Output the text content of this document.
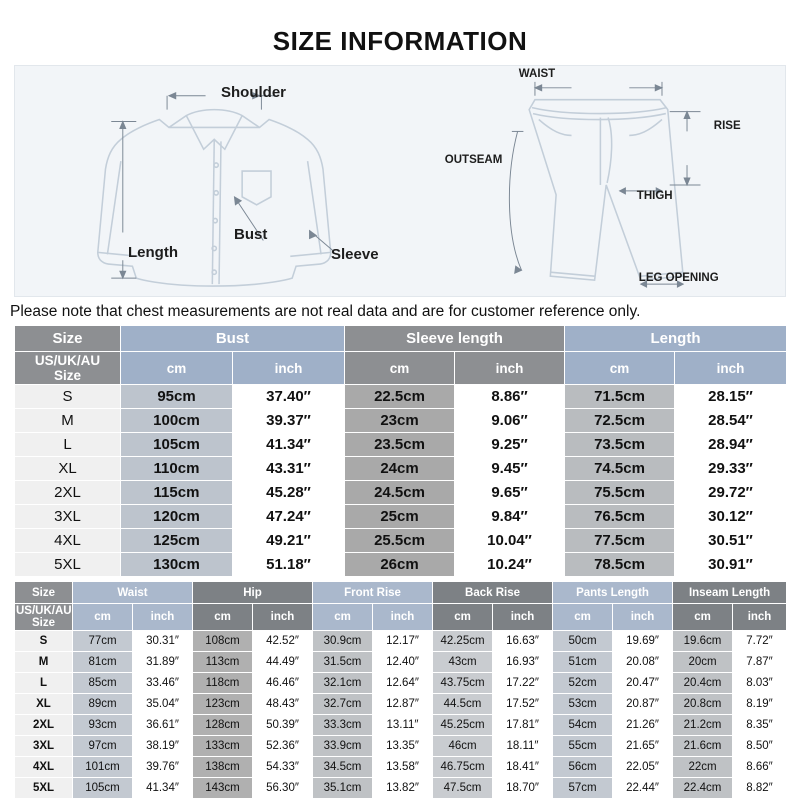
SIZE INFORMATION
Shoulder
Bust
Length	Sleeve
WAIST
RISE
OUTSEAM
THIGH
LEG OPENING
Please note that chest measurements are not real data and are for customer reference only.
Size	Bust		Sleeve length		Length	

US/UK/AU
Size	cm	inch	cm	inch	cm	inch
S	95cm	37.40″	22.5cm	8.86″	71.5cm	28.15″
M	100cm	39.37″	23cm	9.06″	72.5cm	28.54″
L	105cm	41.34″	23.5cm	9.25″	73.5cm	28.94″
XL	110cm	43.31″	24cm	9.45″	74.5cm	29.33″
2XL	115cm	45.28″	24.5cm	9.65″	75.5cm	29.72″
3XL	120cm	47.24″	25cm	9.84″	76.5cm	30.12″
4XL	125cm	49.21″	25.5cm	10.04″	77.5cm	30.51″
5XL	130cm	51.18″	26cm	10.24″	78.5cm	30.91″
Size	Waist		Hip		Front Rise		Back Rise		Pants Length		Inseam Length	

US/UK/AU
Size	cm	inch	cm	inch	cm	inch	cm	inch	cm	inch	cm	inch
S	77cm	30.31″	108cm	42.52″	30.9cm	12.17″	42.25cm	16.63″	50cm	19.69″	19.6cm	7.72″
M	81cm	31.89″	113cm	44.49″	31.5cm	12.40″	43cm	16.93″	51cm	20.08″	20cm	7.87″
L	85cm	33.46″	118cm	46.46″	32.1cm	12.64″	43.75cm	17.22″	52cm	20.47″	20.4cm	8.03″
XL	89cm	35.04″	123cm	48.43″	32.7cm	12.87″	44.5cm	17.52″	53cm	20.87″	20.8cm	8.19″
2XL	93cm	36.61″	128cm	50.39″	33.3cm	13.11″	45.25cm	17.81″	54cm	21.26″	21.2cm	8.35″
3XL	97cm	38.19″	133cm	52.36″	33.9cm	13.35″	46cm	18.11″	55cm	21.65″	21.6cm	8.50″
4XL	101cm	39.76″	138cm	54.33″	34.5cm	13.58″	46.75cm	18.41″	56cm	22.05″	22cm	8.66″
5XL	105cm	41.34″	143cm	56.30″	35.1cm	13.82″	47.5cm	18.70″	57cm	22.44″	22.4cm	8.82″
